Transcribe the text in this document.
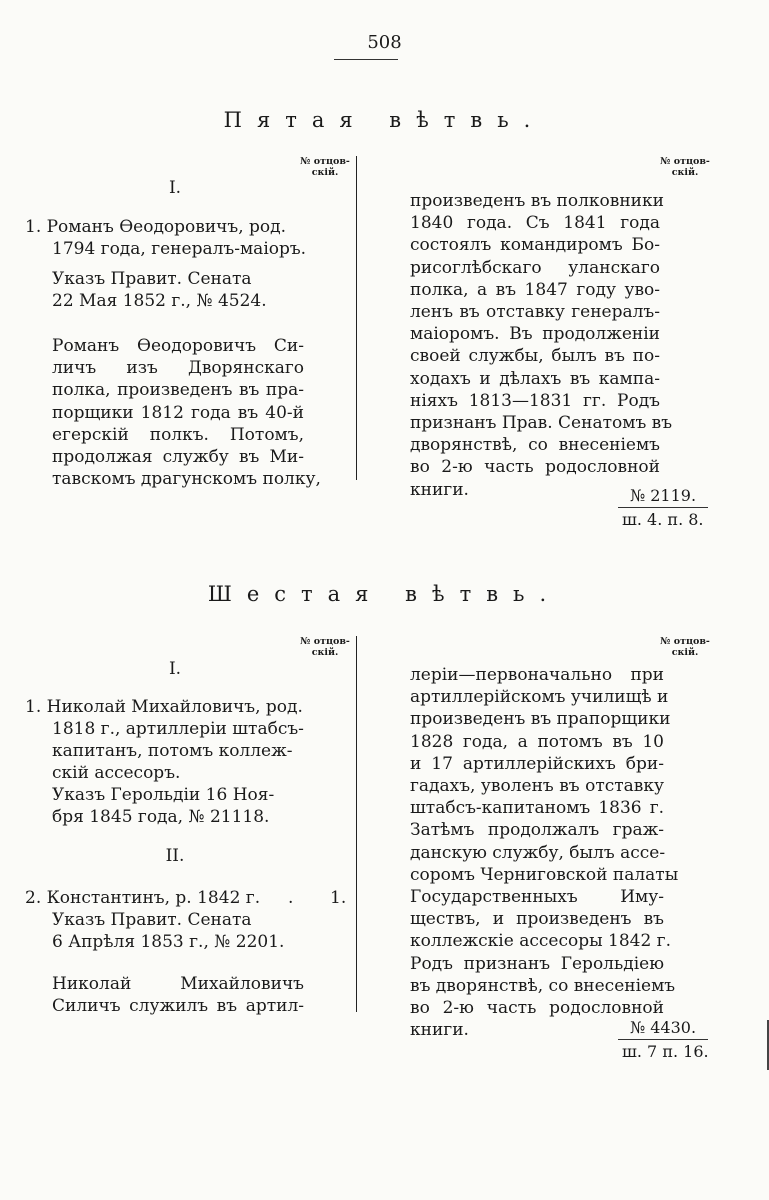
508
Пятая вѣтвь.
№ отцов-
скій.
№ отцов-
скій.
I.
1. Романъ Өеодоровичъ, род.
1794 года, генералъ-маіоръ.
Указъ Правит. Сената
22 Мая 1852 г., № 4524.
Романъ Өеодоровичъ Си-
личъ изъ Дворянскаго
полка, произведенъ въ пра-
порщики 1812 года въ 40-й
егерскій полкъ. Потомъ,
продолжая службу въ Ми-
тавскомъ драгунскомъ полку,
произведенъ въ полковники
1840 года. Съ 1841 года
состоялъ командиромъ Бо-
рисоглѣбскаго уланскаго
полка, а въ 1847 году уво-
ленъ въ отставку генералъ-
маіоромъ. Въ продолженіи
своей службы, былъ въ по-
ходахъ и дѣлахъ въ кампа-
ніяхъ 1813—1831 гг. Родъ
признанъ Прав. Сенатомъ въ
дворянствѣ, со внесеніемъ
во 2-ю часть родословной
книги.	№ 2119.
ш. 4. п. 8.
Шестая вѣтвь.
№ отцов-
скій.
№ отцов-
скій.
I.
1. Николай Михайловичъ, род.
1818 г., артиллеріи штабсъ-
капитанъ, потомъ коллеж-
скій ассесоръ.
Указъ Герольдіи 16 Ноя-
бря 1845 года, № 21118.
II.
2. Константинъ, р. 1842 г. . 1.
Указъ Правит. Сената
6 Апрѣля 1853 г., № 2201.
Николай Михайловичъ
Силичъ служилъ въ артил-
леріи—первоначально при
артиллерійскомъ училищѣ и
произведенъ въ прапорщики
1828 года, а потомъ въ 10
и 17 артиллерійскихъ бри-
гадахъ, уволенъ въ отставку
штабсъ-капитаномъ 1836 г.
Затѣмъ продолжалъ граж-
данскую службу, былъ ассе-
соромъ Черниговской палаты
Государственныхъ Иму-
ществъ, и произведенъ въ
коллежскіе ассесоры 1842 г.
Родъ признанъ Герольдіею
въ дворянствѣ, со внесеніемъ
во 2-ю часть родословной
книги.	№ 4430.
ш. 7 п. 16.
